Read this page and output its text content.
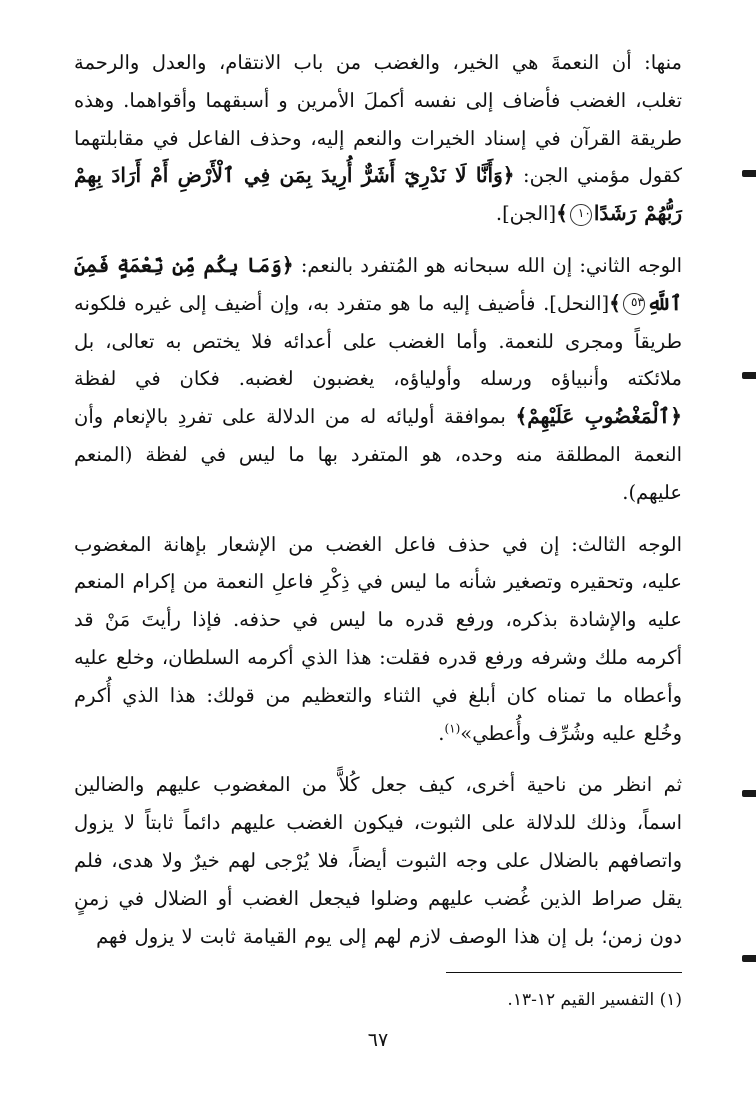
منها: أن النعمةَ هي الخير، والغضب من باب الانتقام، والعدل والرحمة تغلب، الغضب فأضاف إلى نفسه أكملَ الأمرين و أسبقهما وأقواهما. وهذه طريقة القرآن في إسناد الخيرات والنعم إليه، وحذف الفاعل في مقابلتهما كقول مؤمني الجن: ﴿وَأَنَّا لَا نَدْرِيٓ أَشَرٌّ أُرِيدَ بِمَن فِي ٱلْأَرْضِ أَمْ أَرَادَ بِهِمْ رَبُّهُمْ رَشَدًا١٠﴾[الجن].

الوجه الثاني: إن الله سبحانه هو المُتفرد بالنعم: ﴿وَمَا بِكُم مِّن نِّعْمَةٍ فَمِنَ ٱللَّهِ٥٣﴾[النحل]. فأضيف إليه ما هو متفرد به، وإن أضيف إلى غيره فلكونه طريقاً ومجرى للنعمة. وأما الغضب على أعدائه فلا يختص به تعالى، بل ملائكته وأنبياؤه ورسله وأولياؤه، يغضبون لغضبه. فكان في لفظة ﴿ٱلْمَغْضُوبِ عَلَيْهِمْ﴾ بموافقة أوليائه له من الدلالة على تفردِ بالإنعام وأن النعمة المطلقة منه وحده، هو المتفرد بها ما ليس في لفظة (المنعم عليهم).

الوجه الثالث: إن في حذف فاعل الغضب من الإشعار بإهانة المغضوب عليه، وتحقيره وتصغير شأنه ما ليس في ذِكْرِ فاعلِ النعمة من إكرام المنعم عليه والإشادة بذكره، ورفع قدره ما ليس في حذفه. فإذا رأيتَ مَنْ قد أكرمه ملك وشرفه ورفع قدره فقلت: هذا الذي أكرمه السلطان، وخلع عليه وأعطاه ما تمناه كان أبلغ في الثناء والتعظيم من قولك: هذا الذي أُكرم وخُلع عليه وشُرِّف وأُعطي»$^{(١)}$.

ثم انظر من ناحية أخرى، كيف جعل كُلاًّ من المغضوب عليهم والضالين اسماً، وذلك للدلالة على الثبوت، فيكون الغضب عليهم دائماً ثابتاً لا يزول واتصافهم بالضلال على وجه الثبوت أيضاً، فلا يُرْجى لهم خيرٌ ولا هدى، فلم يقل صراط الذين غُضب عليهم وضلوا فيجعل الغضب أو الضلال في زمنٍ دون زمن؛ بل إن هذا الوصف لازم لهم إلى يوم القيامة ثابت لا يزول فهم

(١) التفسير القيم ١٢-١٣.
٦٧
